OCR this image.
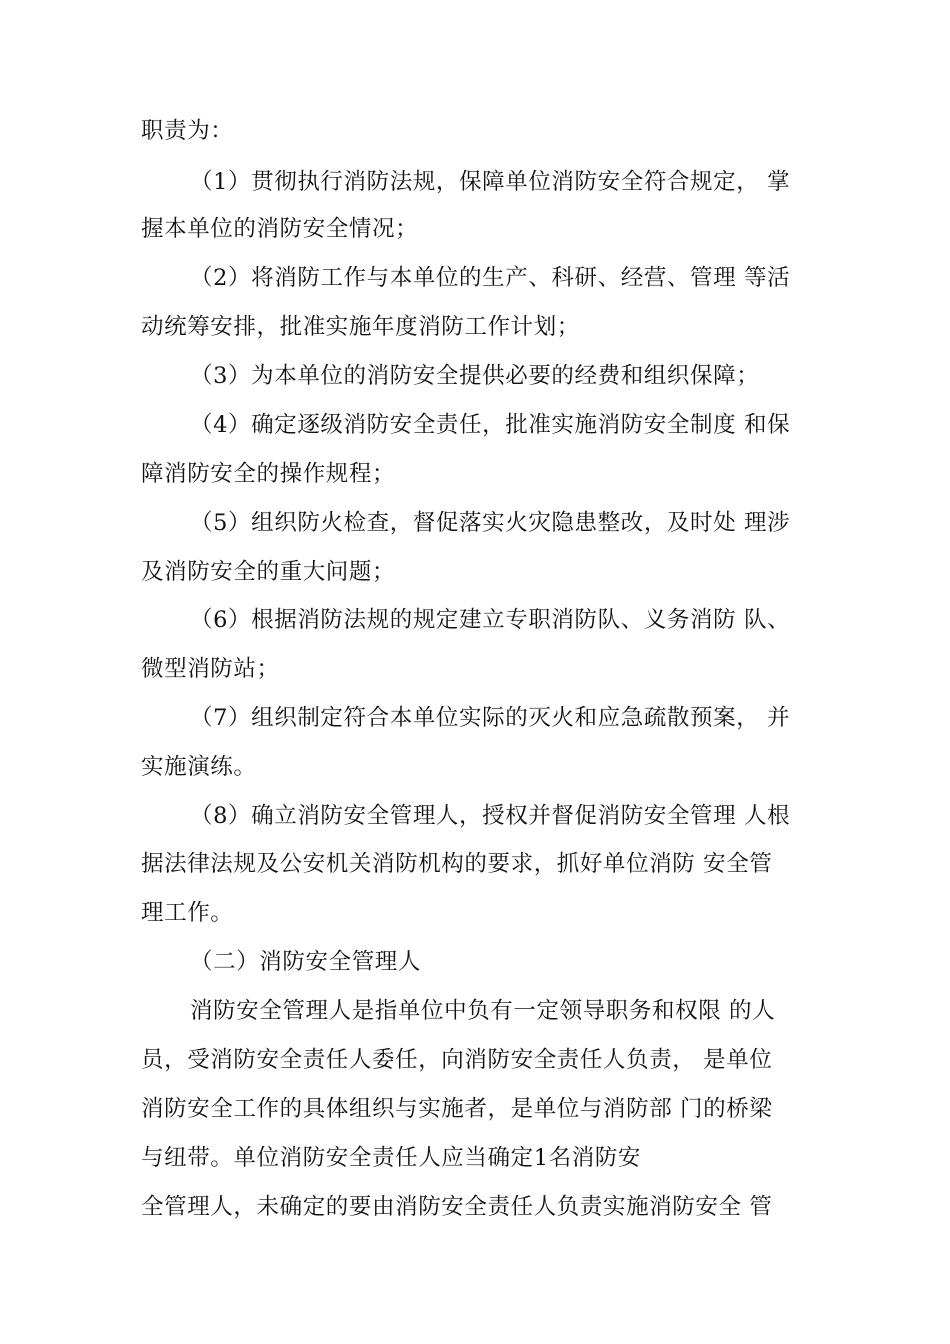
职责为：
（1）贯彻执行消防法规，保障单位消防安全符合规定， 掌
握本单位的消防安全情况；
（2）将消防工作与本单位的生产、科研、经营、管理 等活
动统筹安排，批准实施年度消防工作计划；
（3）为本单位的消防安全提供必要的经费和组织保障；
（4）确定逐级消防安全责任，批准实施消防安全制度 和保
障消防安全的操作规程；
（5）组织防火检查，督促落实火灾隐患整改，及时处 理涉
及消防安全的重大问题；
（6）根据消防法规的规定建立专职消防队、义务消防 队、
微型消防站；
（7）组织制定符合本单位实际的灭火和应急疏散预案， 并
实施演练。
（8）确立消防安全管理人，授权并督促消防安全管理 人根
据法律法规及公安机关消防机构的要求，抓好单位消防 安全管
理工作。
（二）消防安全管理人
消防安全管理人是指单位中负有一定领导职务和权限 的人
员，受消防安全责任人委任，向消防安全责任人负责， 是单位
消防安全工作的具体组织与实施者，是单位与消防部 门的桥梁
与纽带。单位消防安全责任人应当确定1名消防安
全管理人，未确定的要由消防安全责任人负责实施消防安全 管
